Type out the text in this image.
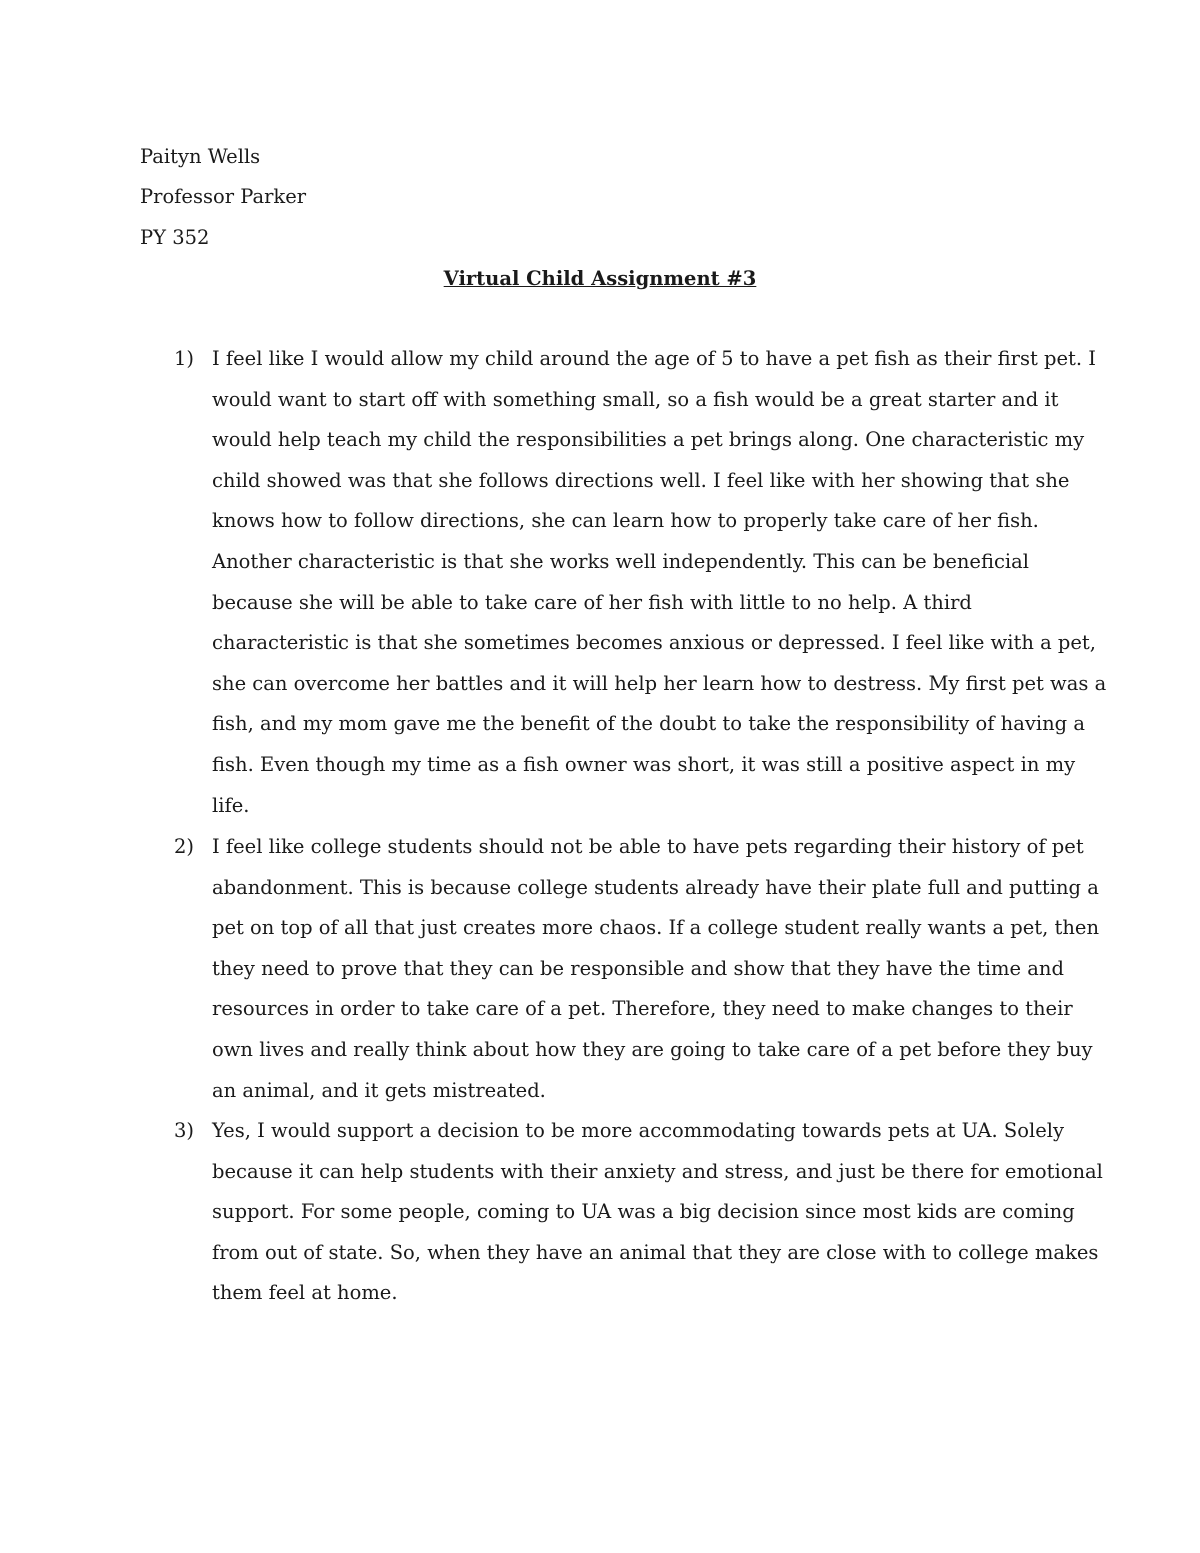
Paityn Wells
Professor Parker
PY 352
Virtual Child Assignment #3
1) I feel like I would allow my child around the age of 5 to have a pet fish as their first pet. I
would want to start off with something small, so a fish would be a great starter and it
would help teach my child the responsibilities a pet brings along. One characteristic my
child showed was that she follows directions well. I feel like with her showing that she
knows how to follow directions, she can learn how to properly take care of her fish.
Another characteristic is that she works well independently. This can be beneficial
because she will be able to take care of her fish with little to no help. A third
characteristic is that she sometimes becomes anxious or depressed. I feel like with a pet,
she can overcome her battles and it will help her learn how to destress. My first pet was a
fish, and my mom gave me the benefit of the doubt to take the responsibility of having a
fish. Even though my time as a fish owner was short, it was still a positive aspect in my
life.
2) I feel like college students should not be able to have pets regarding their history of pet
abandonment. This is because college students already have their plate full and putting a
pet on top of all that just creates more chaos. If a college student really wants a pet, then
they need to prove that they can be responsible and show that they have the time and
resources in order to take care of a pet. Therefore, they need to make changes to their
own lives and really think about how they are going to take care of a pet before they buy
an animal, and it gets mistreated.
3) Yes, I would support a decision to be more accommodating towards pets at UA. Solely
because it can help students with their anxiety and stress, and just be there for emotional
support. For some people, coming to UA was a big decision since most kids are coming
from out of state. So, when they have an animal that they are close with to college makes
them feel at home.
